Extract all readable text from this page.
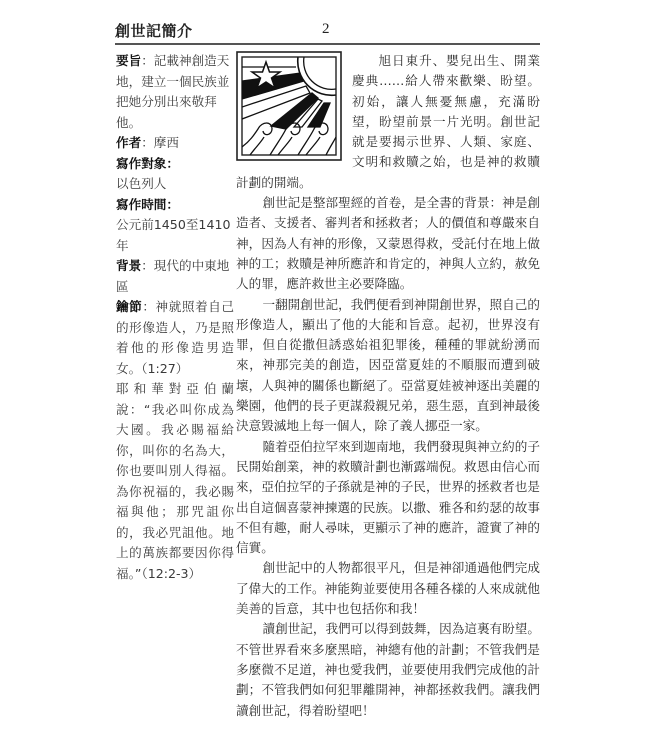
創世記簡介	2

要旨：記載神創造天地，建立一個民族並把她分別出來敬拜他。

作者：摩西

寫作對象：

以色列人

寫作時間：

公元前1450至1410年

背景：現代的中東地區

鑰節：神就照着自己的形像造人，乃是照着他的形像造男造女。（1:27）

耶和華對亞伯蘭說：“我必叫你成為大國。我必賜福給你，叫你的名為大，你也要叫別人得福。為你祝福的，我必賜福與他；那咒詛你的，我必咒詛他。地上的萬族都要因你得福。”（12:2-3）

旭日東升、嬰兒出生、開業慶典……給人帶來歡樂、盼望。初始，讓人無憂無慮，充滿盼望，盼望前景一片光明。創世記就是要揭示世界、人類、家庭、文明和救贖之始，也是神的救贖計劃的開端。

創世記是整部聖經的首卷，是全書的背景：神是創造者、支援者、審判者和拯救者；人的價值和尊嚴來自神，因為人有神的形像，又蒙恩得救，受託付在地上做神的工；救贖是神所應許和肯定的，神與人立約，赦免人的罪，應許救世主必要降臨。

一翻開創世記，我們便看到神開創世界，照自己的形像造人，顯出了他的大能和旨意。起初，世界沒有罪，但自從撒但誘惑始祖犯罪後，種種的罪就紛湧而來，神那完美的創造，因亞當夏娃的不順服而遭到破壞，人與神的關係也斷絕了。亞當夏娃被神逐出美麗的樂園，他們的長子更謀殺親兄弟，惡生惡，直到神最後決意毀滅地上每一個人，除了義人挪亞一家。

隨着亞伯拉罕來到迦南地，我們發現與神立約的子民開始創業，神的救贖計劃也漸露端倪。救恩由信心而來，亞伯拉罕的子孫就是神的子民，世界的拯救者也是出自這個喜蒙神揀選的民族。以撒、雅各和約瑟的故事不但有趣，耐人尋味，更顯示了神的應許，證實了神的信實。

創世記中的人物都很平凡，但是神卻通過他們完成了偉大的工作。神能夠並要使用各種各樣的人來成就他美善的旨意，其中也包括你和我！

讀創世記，我們可以得到鼓舞，因為這裏有盼望。不管世界看來多麼黑暗，神總有他的計劃；不管我們是多麼微不足道，神也愛我們，並要使用我們完成他的計劃；不管我們如何犯罪離開神，神都拯救我們。讓我們讀創世記，得着盼望吧！
